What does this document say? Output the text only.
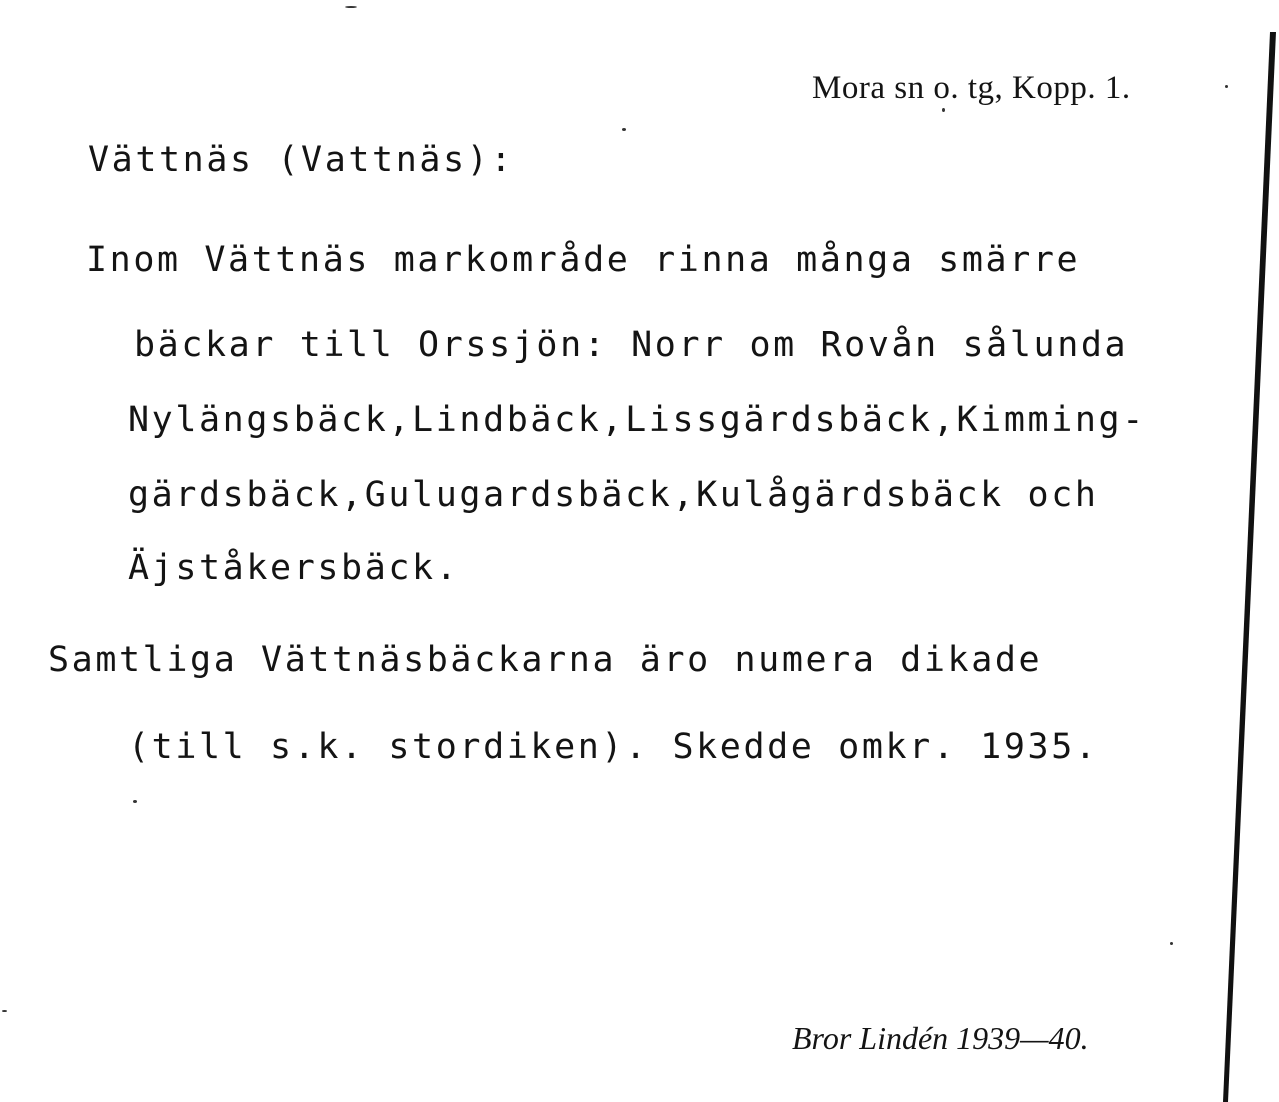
Mora sn o. tg, Kopp. 1.
Vättnäs (Vattnäs):
Inom Vättnäs markområde rinna många smärre
bäckar till Orssjön: Norr om Rovån sålunda
Nylängsbäck,Lindbäck,Lissgärdsbäck,Kimming-
gärdsbäck,Gulugardsbäck,Kulågärdsbäck och
Äjståkersbäck.
Samtliga Vättnäsbäckarna äro numera dikade
(till s.k. stordiken). Skedde omkr. 1935.
Bror Lindén 1939—40.
